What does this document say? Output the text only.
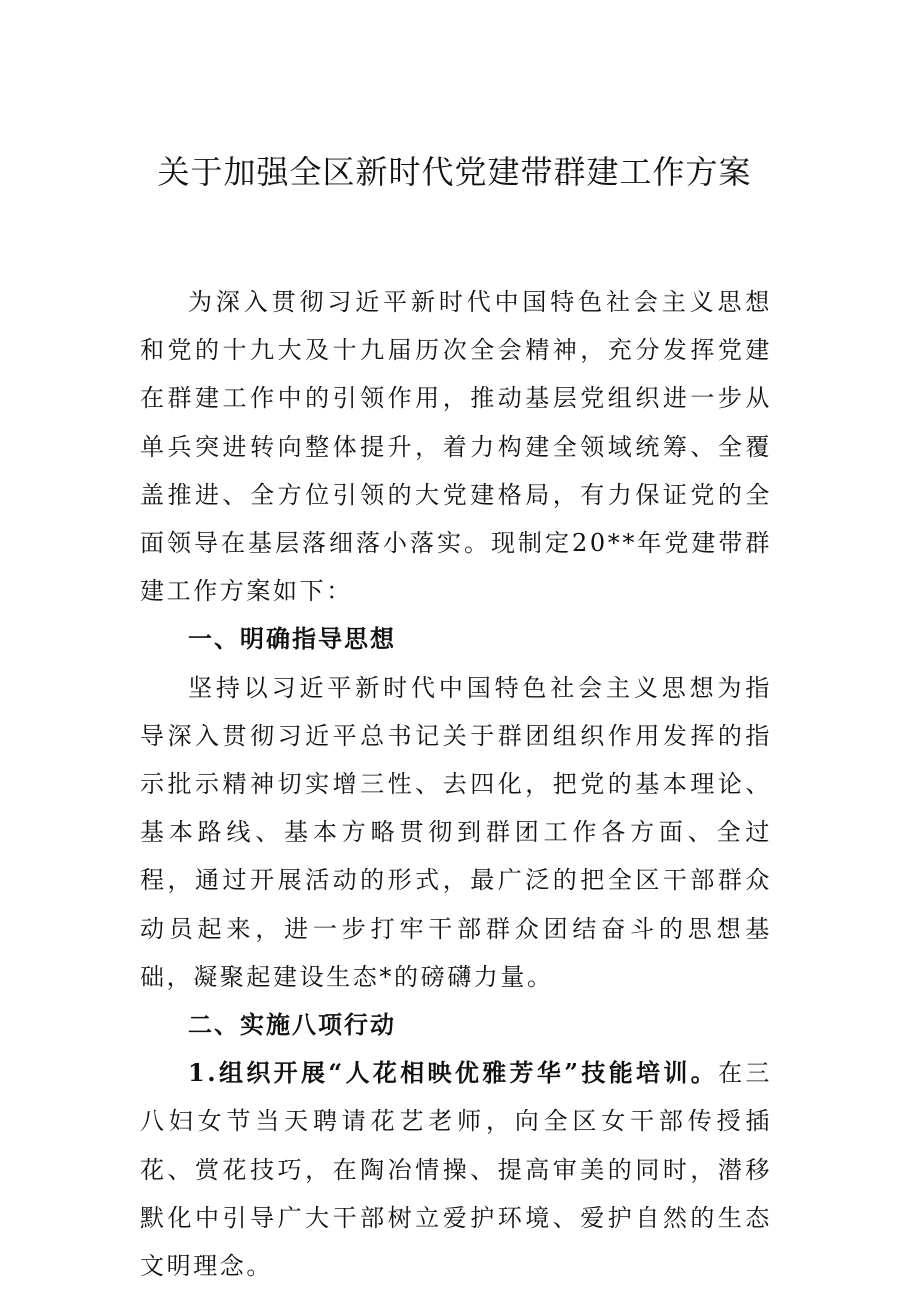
关于加强全区新时代党建带群建工作方案

为深入贯彻习近平新时代中国特色社会主义思想和党的十九大及十九届历次全会精神，充分发挥党建在群建工作中的引领作用，推动基层党组织进一步从单兵突进转向整体提升，着力构建全领域统筹、全覆盖推进、全方位引领的大党建格局，有力保证党的全面领导在基层落细落小落实。现制定20**年党建带群建工作方案如下：

一、明确指导思想

坚持以习近平新时代中国特色社会主义思想为指导深入贯彻习近平总书记关于群团组织作用发挥的指示批示精神切实增三性、去四化，把党的基本理论、基本路线、基本方略贯彻到群团工作各方面、全过程，通过开展活动的形式，最广泛的把全区干部群众动员起来，进一步打牢干部群众团结奋斗的思想基础，凝聚起建设生态*的磅礴力量。

二、实施八项行动

1.组织开展“人花相映优雅芳华”技能培训。在三八妇女节当天聘请花艺老师，向全区女干部传授插花、赏花技巧，在陶冶情操、提高审美的同时，潜移默化中引导广大干部树立爱护环境、爱护自然的生态文明理念。
